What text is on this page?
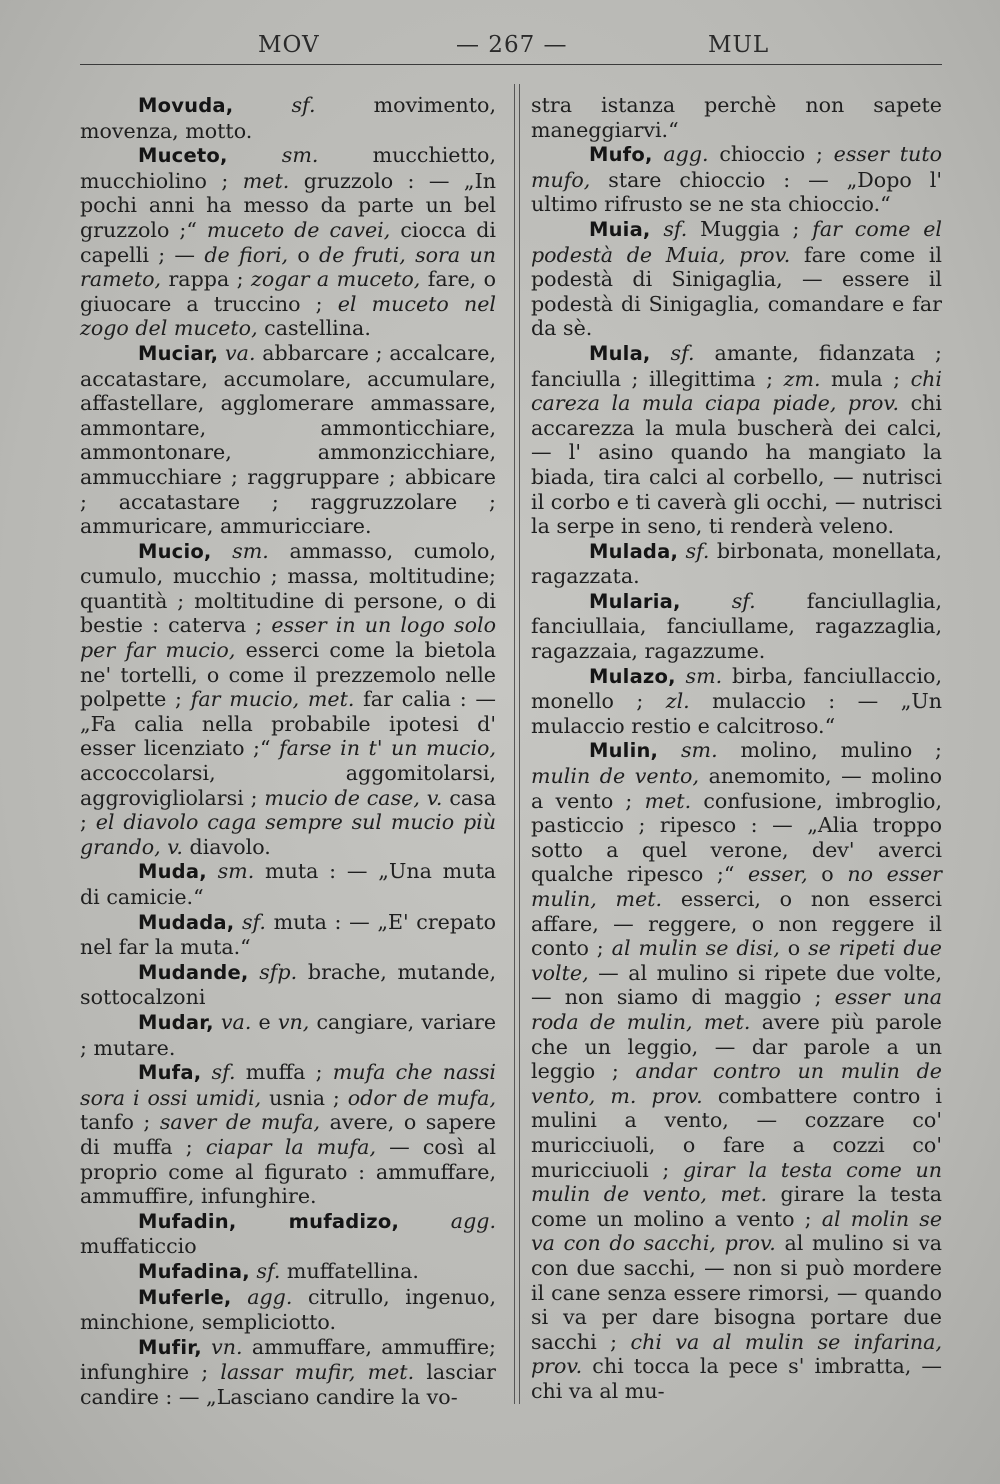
MOV	— 267 —	MUL

Movuda,	sf. movimento, movenza, motto.

Muceto,	sm. mucchietto, mucchiolino ; met. gruzzolo : — „In pochi anni ha messo da parte un bel gruzzolo ;“ muceto de cavei, ciocca di capelli ; — de fiori, o de fruti, sora un rameto, rappa ; zogar a muceto, fare, o giuocare a truccino ; el muceto nel zogo del muceto, castellina.

Muciar, va. abbarcare ; accalcare, accatastare, accumolare, accumulare, affastellare, agglomerare ammassare, ammontare, ammonticchiare, ammontonare, ammonzicchiare, ammucchiare ; raggruppare ; abbicare ; accatastare ; raggruzzolare ; ammuricare, ammuricciare.

Mucio, sm. ammasso, cumolo, cumulo, mucchio ; massa, moltitudine; quantità ; moltitudine di persone, o di bestie : caterva ; esser in un logo solo per far mucio, esserci come la bietola ne' tortelli, o come il prezzemolo nelle polpette ; far mucio, met. far calia : — „Fa calia nella probabile ipotesi d' esser licenziato ;“ farse in t' un mucio, accoccolarsi, aggomitolarsi, aggrovigliolarsi ; mucio de case, v. casa ; el diavolo caga sempre sul mucio più grando, v. diavolo.

Muda, sm. muta : — „Una muta di camicie.“

Mudada, sf. muta : — „E' crepato nel far la muta.“

Mudande, sfp. brache, mutande, sottocalzoni

Mudar, va. e vn, cangiare, variare ; mutare.

Mufa, sf. muffa ; mufa che nassi sora i ossi umidi, usnia ; odor de mufa, tanfo ; saver de mufa, avere, o sapere di muffa ; ciapar la mufa, — così al proprio come al figurato : ammuffare, ammuffire, infunghire.

Mufadin, mufadizo,	agg. muffaticcio

Mufadina, sf. muffatellina.

Muferle, agg. citrullo, ingenuo, minchione, sempliciotto.

Mufir, vn. ammuffare, ammuffire; infunghire ; lassar mufir, met. lasciar candire : — „Lasciano candire la vo-

stra istanza perchè non sapete maneggiarvi.“

Mufo, agg. chioccio ; esser tuto mufo, stare chioccio : — „Dopo l' ultimo rifrusto se ne sta chioccio.“

Muia, sf. Muggia ; far come el podestà de Muia, prov. fare come il podestà di Sinigaglia, — essere il podestà di Sinigaglia, comandare e far da sè.

Mula, sf. amante, fidanzata ; fanciulla ; illegittima ; zm. mula ; chi careza la mula ciapa piade, prov. chi accarezza la mula buscherà dei calci, — l' asino quando ha mangiato la biada, tira calci al corbello, — nutrisci il corbo e ti caverà gli occhi, — nutrisci la serpe in seno, ti renderà veleno.

Mulada, sf. birbonata, monellata, ragazzata.

Mularia, sf. fanciullaglia, fanciullaia, fanciullame, ragazzaglia, ragazzaia, ragazzume.

Mulazo, sm. birba, fanciullaccio, monello ; zl. mulaccio : — „Un mulaccio restio e calcitroso.“

Mulin, sm. molino, mulino ; mulin de vento, anemomito, — molino a vento ; met. confusione, imbroglio, pasticcio ; ripesco : — „Alia troppo sotto a quel verone, dev' averci qualche ripesco ;“ esser, o no esser mulin, met. esserci, o non esserci affare, — reggere, o non reggere il conto ; al mulin se disi, o se ripeti due volte, — al mulino si ripete due volte, — non siamo di maggio ; esser una roda de mulin, met. avere più parole che un leggio, — dar parole a un leggio ; andar contro un mulin de vento, m. prov. combattere contro i mulini a vento, — cozzare co' muricciuoli, o fare a cozzi co' muricciuoli ; girar la testa come un mulin de vento, met. girare la testa come un molino a vento ; al molin se va con do sacchi, prov. al mulino si va con due sacchi, — non si può mordere il cane senza essere rimorsi, — quando si va per dare bisogna portare due sacchi ; chi va al mulin se infarina, prov. chi tocca la pece s' imbratta, — chi va al mu-
